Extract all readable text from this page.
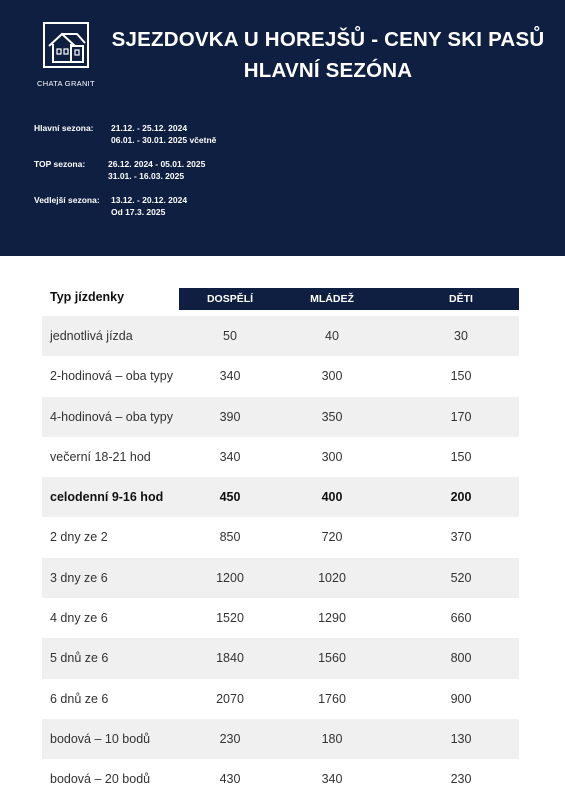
CHATA GRANIT
SJEZDOVKA U HOREJŠŮ - CENY SKI PASŮ
HLAVNÍ SEZÓNA
Hlavní sezona: 21.12. - 25.12. 2024
06.01. - 30.01. 2025 včetně
TOP sezona:	26.12. 2024 - 05.01. 2025
31.01. - 16.03. 2025
Vedlejší sezona: 13.12. - 20.12. 2024
Od 17.3. 2025
Typ jízdenky	DOSPĚLÍ	MLÁDEŽ	DĚTI
jednotlivá jízda	50	40	30
2-hodinová – oba typy	340	300	150
4-hodinová – oba typy	390	350	170
večerní 18-21 hod	340	300	150
celodenní 9-16 hod	450	400	200
2 dny ze 2	850	720	370
3 dny ze 6	1200	1020	520
4 dny ze 6	1520	1290	660
5 dnů ze 6	1840	1560	800
6 dnů ze 6	2070	1760	900
bodová – 10 bodů	230	180	130
bodová – 20 bodů	430	340	230
